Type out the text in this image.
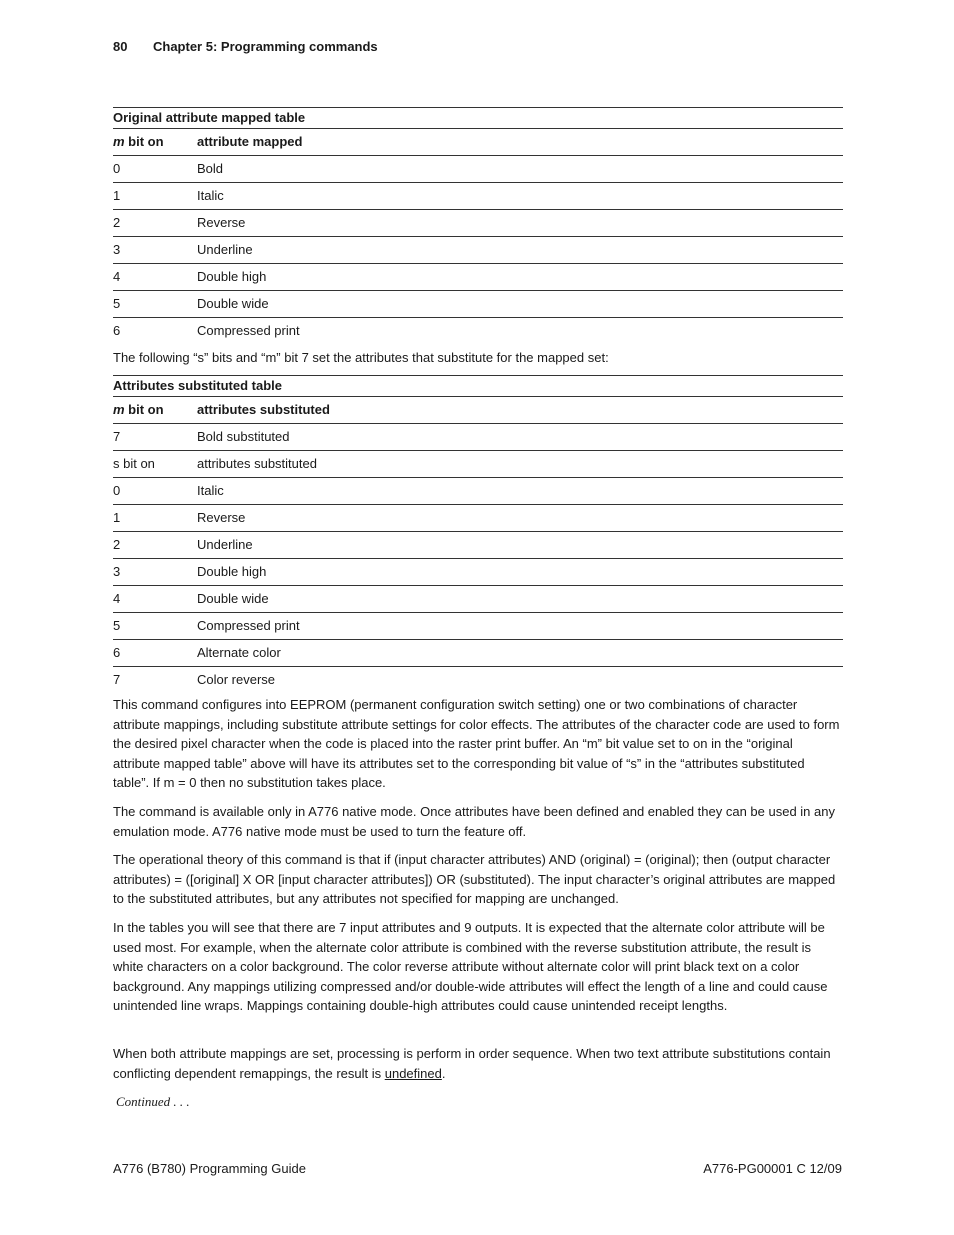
80 Chapter 5: Programming commands
Original attribute mapped table
m bit on	attribute mapped
0	Bold
1	Italic
2	Reverse
3	Underline
4	Double high
5	Double wide
6	Compressed print

The following “s” bits and “m” bit 7 set the attributes that substitute for the mapped set:

Attributes substituted table
m bit on	attributes substituted
7	Bold substituted
s bit on	attributes substituted
0	Italic
1	Reverse
2	Underline
3	Double high
4	Double wide
5	Compressed print
6	Alternate color
7	Color reverse

This command configures into EEPROM (permanent configuration switch setting) one or two combinations of character attribute mappings, including substitute attribute settings for color effects. The attributes of the character code are used to form the desired pixel character when the code is placed into the raster print buffer. An “m” bit value set to on in the “original attribute mapped table” above will have its attributes set to the corresponding bit value of “s” in the “attributes substituted table”. If m = 0 then no substitution takes place.

The command is available only in A776 native mode. Once attributes have been defined and enabled they can be used in any emulation mode. A776 native mode must be used to turn the feature off.

The operational theory of this command is that if (input character attributes) AND (original) = (original); then (output character attributes) = ([original] X OR [input character attributes]) OR (substituted). The input character’s original attributes are mapped to the substituted attributes, but any attributes not specified for mapping are unchanged.

In the tables you will see that there are 7 input attributes and 9 outputs. It is expected that the alternate color attribute will be used most. For example, when the alternate color attribute is combined with the reverse substitution attribute, the result is white characters on a color background. The color reverse attribute without alternate color will print black text on a color background. Any mappings utilizing compressed and/or double-wide attributes will effect the length of a line and could cause unintended line wraps. Mappings containing double-high attributes could cause unintended receipt lengths.

When both attribute mappings are set, processing is perform in order sequence. When two text attribute substitutions contain conflicting dependent remappings, the result is undefined.

Continued . . .
A776 (B780) Programming Guide	A776-PG00001 C 12/09
